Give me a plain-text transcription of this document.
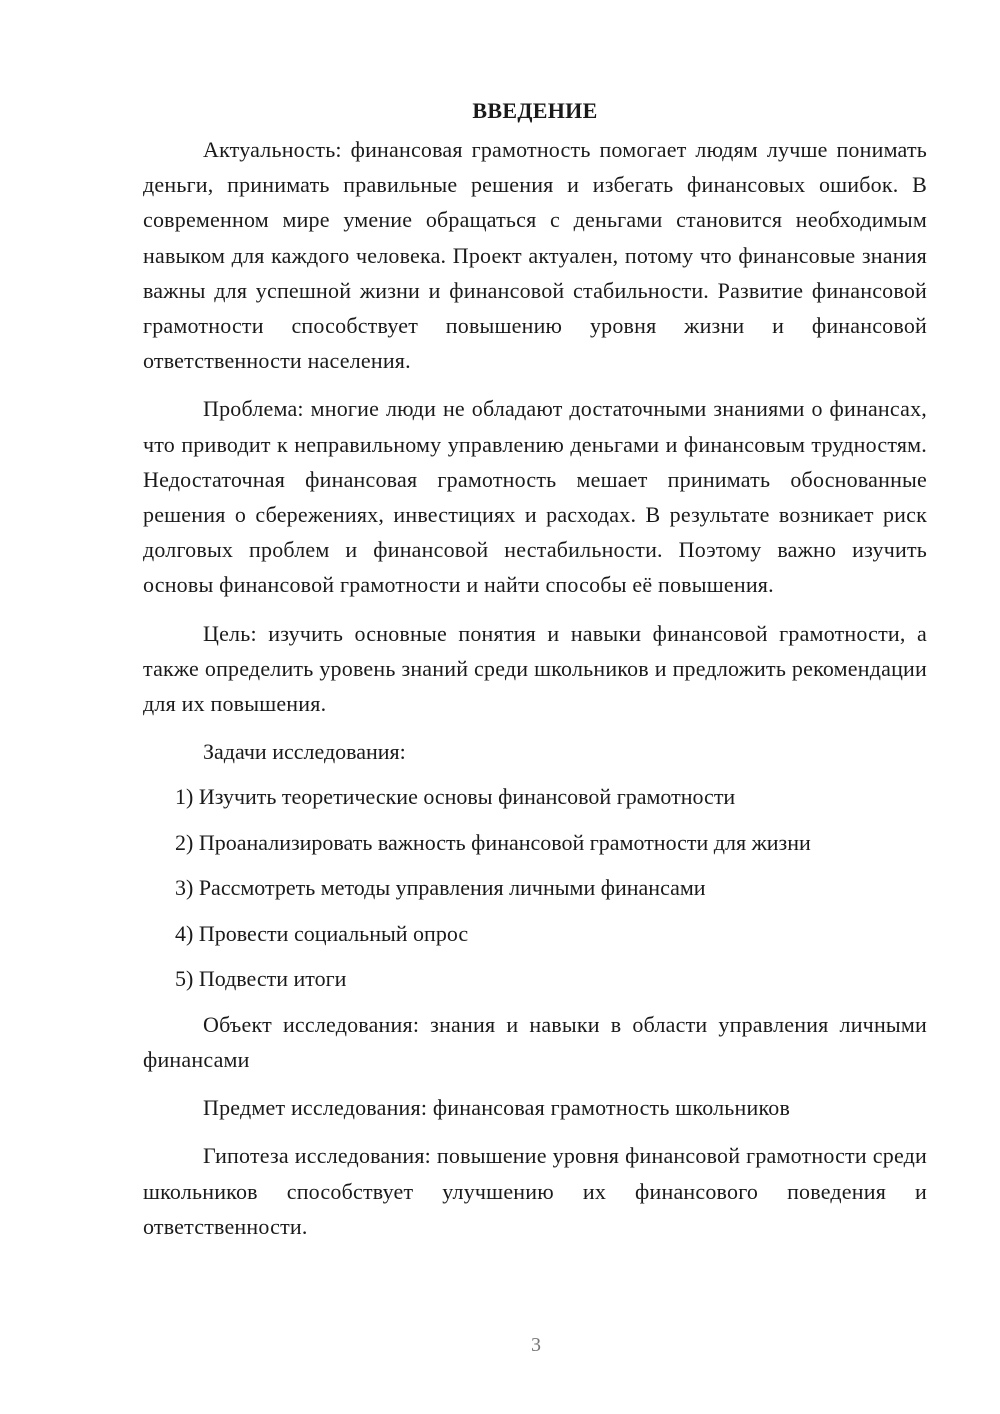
ВВЕДЕНИЕ

Актуальность: финансовая грамотность помогает людям лучше понимать деньги, принимать правильные решения и избегать финансовых ошибок. В современном мире умение обращаться с деньгами становится необходимым навыком для каждого человека. Проект актуален, потому что финансовые знания важны для успешной жизни и финансовой стабильности. Развитие финансовой грамотности способствует повышению уровня жизни и финансовой ответственности населения.

Проблема: многие люди не обладают достаточными знаниями о финансах, что приводит к неправильному управлению деньгами и финансовым трудностям. Недостаточная финансовая грамотность мешает принимать обоснованные решения о сбережениях, инвестициях и расходах. В результате возникает риск долговых проблем и финансовой нестабильности. Поэтому важно изучить основы финансовой грамотности и найти способы её повышения.

Цель: изучить основные понятия и навыки финансовой грамотности, а также определить уровень знаний среди школьников и предложить рекомендации для их повышения.

Задачи исследования:
1) Изучить теоретические основы финансовой грамотности
2) Проанализировать важность финансовой грамотности для жизни
3) Рассмотреть методы управления личными финансами
4) Провести социальный опрос
5) Подвести итоги

Объект исследования: знания и навыки в области управления личными финансами

Предмет исследования: финансовая грамотность школьников

Гипотеза исследования: повышение уровня финансовой грамотности среди школьников способствует улучшению их финансового поведения и ответственности.

3
